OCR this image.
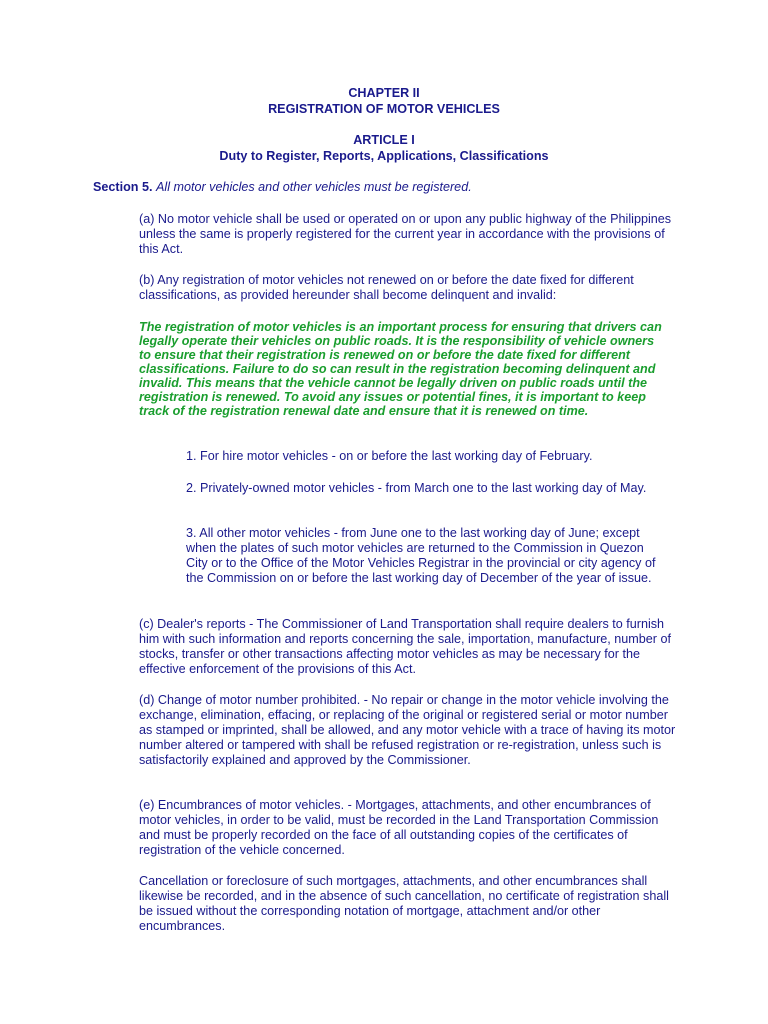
CHAPTER II
REGISTRATION OF MOTOR VEHICLES
ARTICLE I
Duty to Register, Reports, Applications, Classifications
Section 5. All motor vehicles and other vehicles must be registered.

(a) No motor vehicle shall be used or operated on or upon any public highway of the Philippines unless the same is properly registered for the current year in accordance with the provisions of this Act.

(b) Any registration of motor vehicles not renewed on or before the date fixed for different classifications, as provided hereunder shall become delinquent and invalid:

The registration of motor vehicles is an important process for ensuring that drivers can legally operate their vehicles on public roads. It is the responsibility of vehicle owners to ensure that their registration is renewed on or before the date fixed for different classifications. Failure to do so can result in the registration becoming delinquent and invalid. This means that the vehicle cannot be legally driven on public roads until the registration is renewed. To avoid any issues or potential fines, it is important to keep track of the registration renewal date and ensure that it is renewed on time.

1. For hire motor vehicles - on or before the last working day of February.

2. Privately-owned motor vehicles - from March one to the last working day of May.

3. All other motor vehicles - from June one to the last working day of June; except when the plates of such motor vehicles are returned to the Commission in Quezon City or to the Office of the Motor Vehicles Registrar in the provincial or city agency of the Commission on or before the last working day of December of the year of issue.

(c) Dealer's reports - The Commissioner of Land Transportation shall require dealers to furnish him with such information and reports concerning the sale, importation, manufacture, number of stocks, transfer or other transactions affecting motor vehicles as may be necessary for the effective enforcement of the provisions of this Act.

(d) Change of motor number prohibited. - No repair or change in the motor vehicle involving the exchange, elimination, effacing, or replacing of the original or registered serial or motor number as stamped or imprinted, shall be allowed, and any motor vehicle with a trace of having its motor number altered or tampered with shall be refused registration or re-registration, unless such is satisfactorily explained and approved by the Commissioner.

(e) Encumbrances of motor vehicles. - Mortgages, attachments, and other encumbrances of motor vehicles, in order to be valid, must be recorded in the Land Transportation Commission and must be properly recorded on the face of all outstanding copies of the certificates of registration of the vehicle concerned.

Cancellation or foreclosure of such mortgages, attachments, and other encumbrances shall likewise be recorded, and in the absence of such cancellation, no certificate of registration shall be issued without the corresponding notation of mortgage, attachment and/or other encumbrances.
